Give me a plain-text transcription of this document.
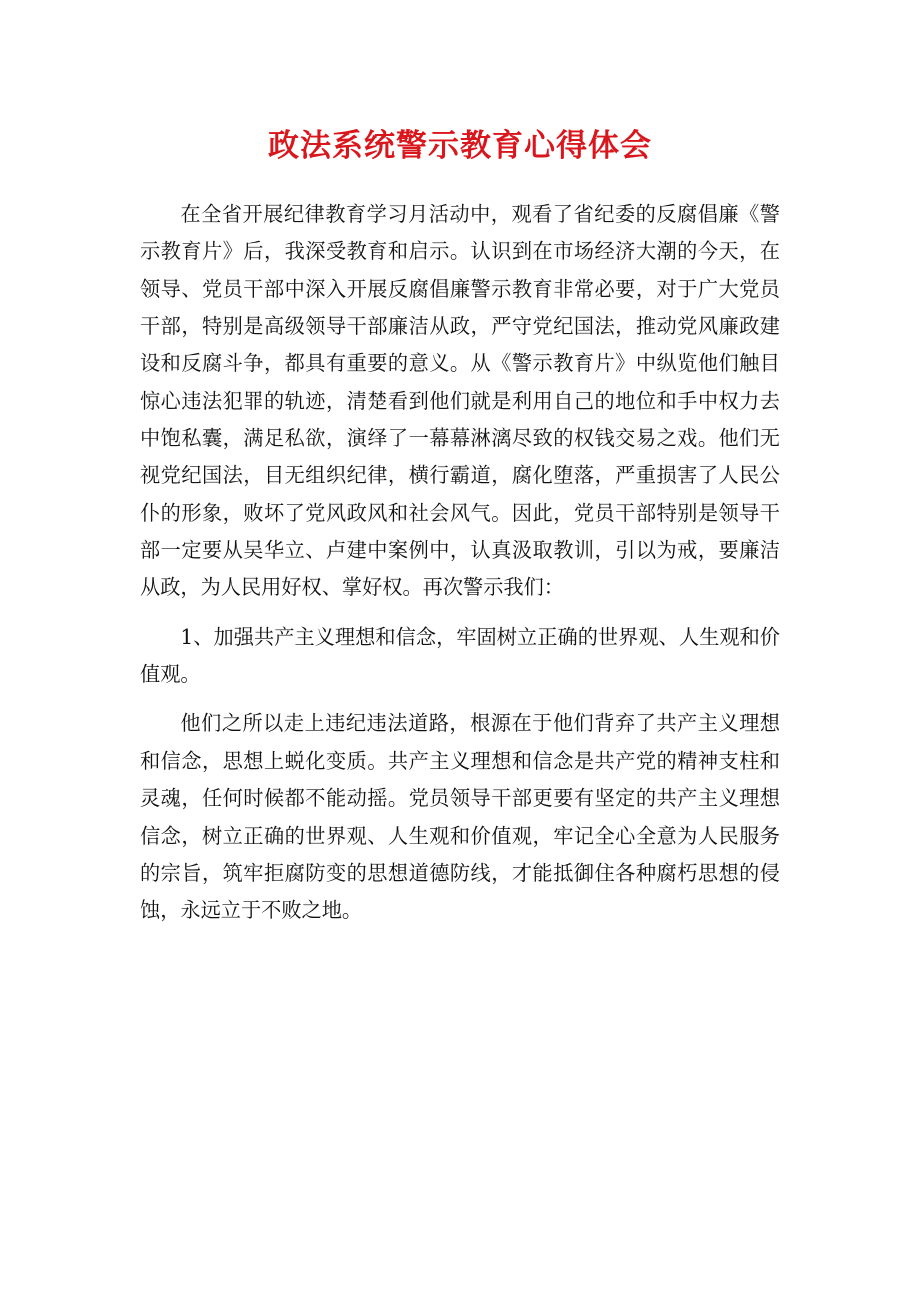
政法系统警示教育心得体会

在全省开展纪律教育学习月活动中，观看了省纪委的反腐倡廉《警示教育片》后，我深受教育和启示。认识到在市场经济大潮的今天，在领导、党员干部中深入开展反腐倡廉警示教育非常必要，对于广大党员干部，特别是高级领导干部廉洁从政，严守党纪国法，推动党风廉政建设和反腐斗争，都具有重要的意义。从《警示教育片》中纵览他们触目惊心违法犯罪的轨迹，清楚看到他们就是利用自己的地位和手中权力去中饱私囊，满足私欲，演绎了一幕幕淋漓尽致的权钱交易之戏。他们无视党纪国法，目无组织纪律，横行霸道，腐化堕落，严重损害了人民公仆的形象，败坏了党风政风和社会风气。因此，党员干部特别是领导干部一定要从吴华立、卢建中案例中，认真汲取教训，引以为戒，要廉洁从政，为人民用好权、掌好权。再次警示我们：

1、加强共产主义理想和信念，牢固树立正确的世界观、人生观和价值观。

他们之所以走上违纪违法道路，根源在于他们背弃了共产主义理想和信念，思想上蜕化变质。共产主义理想和信念是共产党的精神支柱和灵魂，任何时候都不能动摇。党员领导干部更要有坚定的共产主义理想信念，树立正确的世界观、人生观和价值观，牢记全心全意为人民服务的宗旨，筑牢拒腐防变的思想道德防线，才能抵御住各种腐朽思想的侵蚀，永远立于不败之地。
